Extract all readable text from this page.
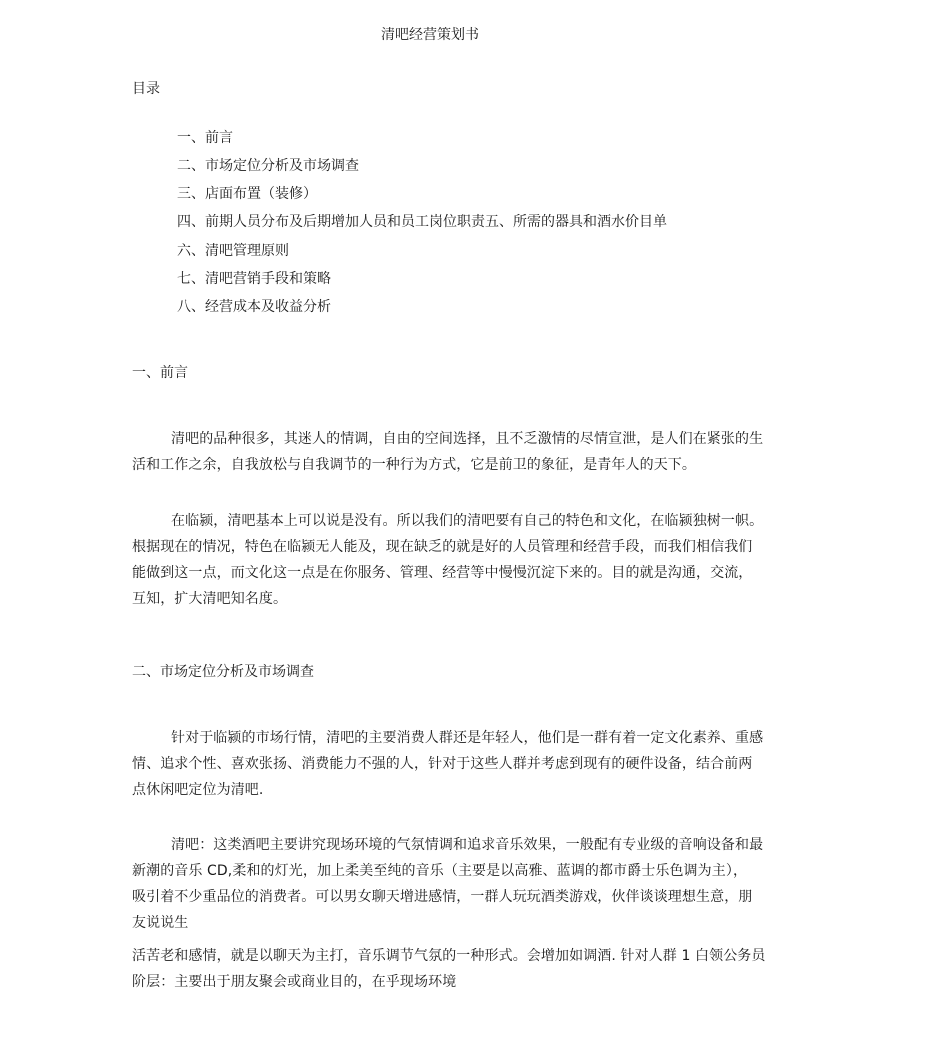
清吧经营策划书
目录
一、前言
二、市场定位分析及市场调查
三、店面布置（装修）
四、前期人员分布及后期增加人员和员工岗位职责五、所需的器具和酒水价目单
六、清吧管理原则
七、清吧营销手段和策略
八、经营成本及收益分析
一、前言
清吧的品种很多，其迷人的情调，自由的空间选择，且不乏激情的尽情宣泄，是人们在紧张的生
活和工作之余，自我放松与自我调节的一种行为方式，它是前卫的象征，是青年人的天下。
在临颍，清吧基本上可以说是没有。所以我们的清吧要有自己的特色和文化，在临颍独树一帜。
根据现在的情况，特色在临颍无人能及，现在缺乏的就是好的人员管理和经营手段，而我们相信我们
能做到这一点，而文化这一点是在你服务、管理、经营等中慢慢沉淀下来的。目的就是沟通，交流，
互知，扩大清吧知名度。
二、市场定位分析及市场调查
针对于临颍的市场行情，清吧的主要消费人群还是年轻人，他们是一群有着一定文化素养、重感
情、追求个性、喜欢张扬、消费能力不强的人，针对于这些人群并考虑到现有的硬件设备，结合前两
点休闲吧定位为清吧.
清吧：这类酒吧主要讲究现场环境的气氛情调和追求音乐效果，一般配有专业级的音响设备和最
新潮的音乐 CD,柔和的灯光，加上柔美至纯的音乐（主要是以高雅、蓝调的都市爵士乐色调为主），
吸引着不少重品位的消费者。可以男女聊天增进感情，一群人玩玩酒类游戏，伙伴谈谈理想生意，朋
友说说生
活苦老和感情，就是以聊天为主打，音乐调节气氛的一种形式。会增加如调酒. 针对人群 1 白领公务员
阶层：主要出于朋友聚会或商业目的，在乎现场环境
